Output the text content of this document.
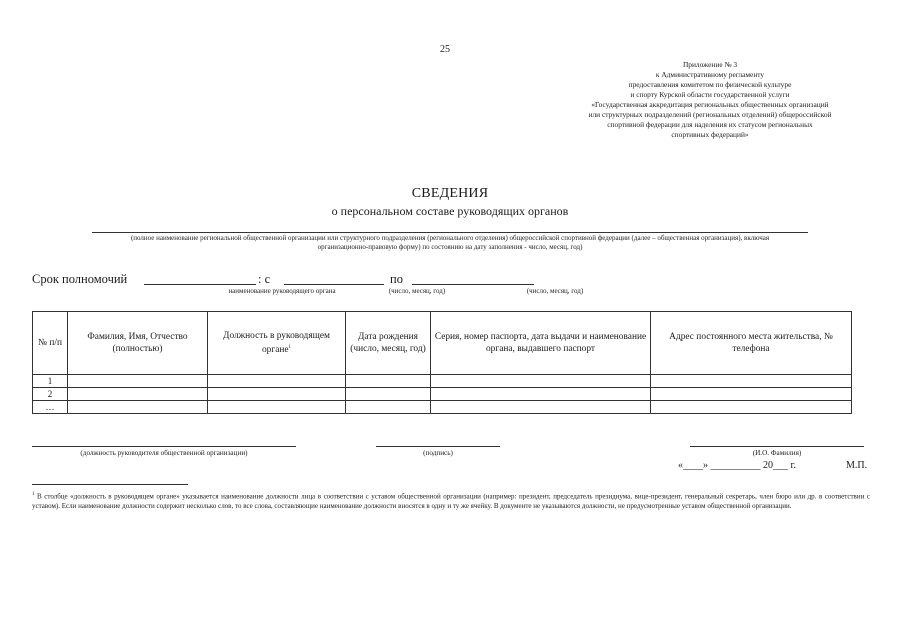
25
Приложение № 3
к Административному регламенту
предоставления комитетом по физической культуре
и спорту Курской области государственной услуги
«Государственная аккредитация региональных общественных организаций
или структурных подразделений (региональных отделений) общероссийской
спортивной федерации для наделения их статусом региональных
спортивных федераций»
СВЕДЕНИЯ
о персональном составе руководящих органов
(полное наименование региональной общественной организации или структурного подразделения (регионального отделения) общероссийской спортивной федерации (далее – общественная организация), включая
организационно-правовую форму) по состоянию на дату заполнения - число, месяц, год)
Срок полномочий	: с	по
наименование руководящего органа	(число, месяц, год)	(число, месяц, год)
№ п/п	Фамилия, Имя, Отчество (полностью)	Должность в руководящем органе$^1$	Дата рождения (число, месяц, год)	Серия, номер паспорта, дата выдачи и наименование органа, выдавшего паспорт	Адрес постоянного места жительства, № телефона
1					
2					
…					
(должность руководителя общественной организации)	(подпись)	(И.О. Фамилия)
«____» __________ 20___ г.	М.П.
$^1$ В столбце «должность в руководящем органе» указывается наименование должности лица в соответствии с уставом общественной организации (например: президент, председатель президиума, вице-президент, генеральный секретарь, член бюро или др. в соответствии с уставом). Если наименование должности содержит несколько слов, то все слова, составляющие наименование должности вносятся в одну и ту же ячейку. В документе не указываются должности, не предусмотренные уставом общественной организации.
